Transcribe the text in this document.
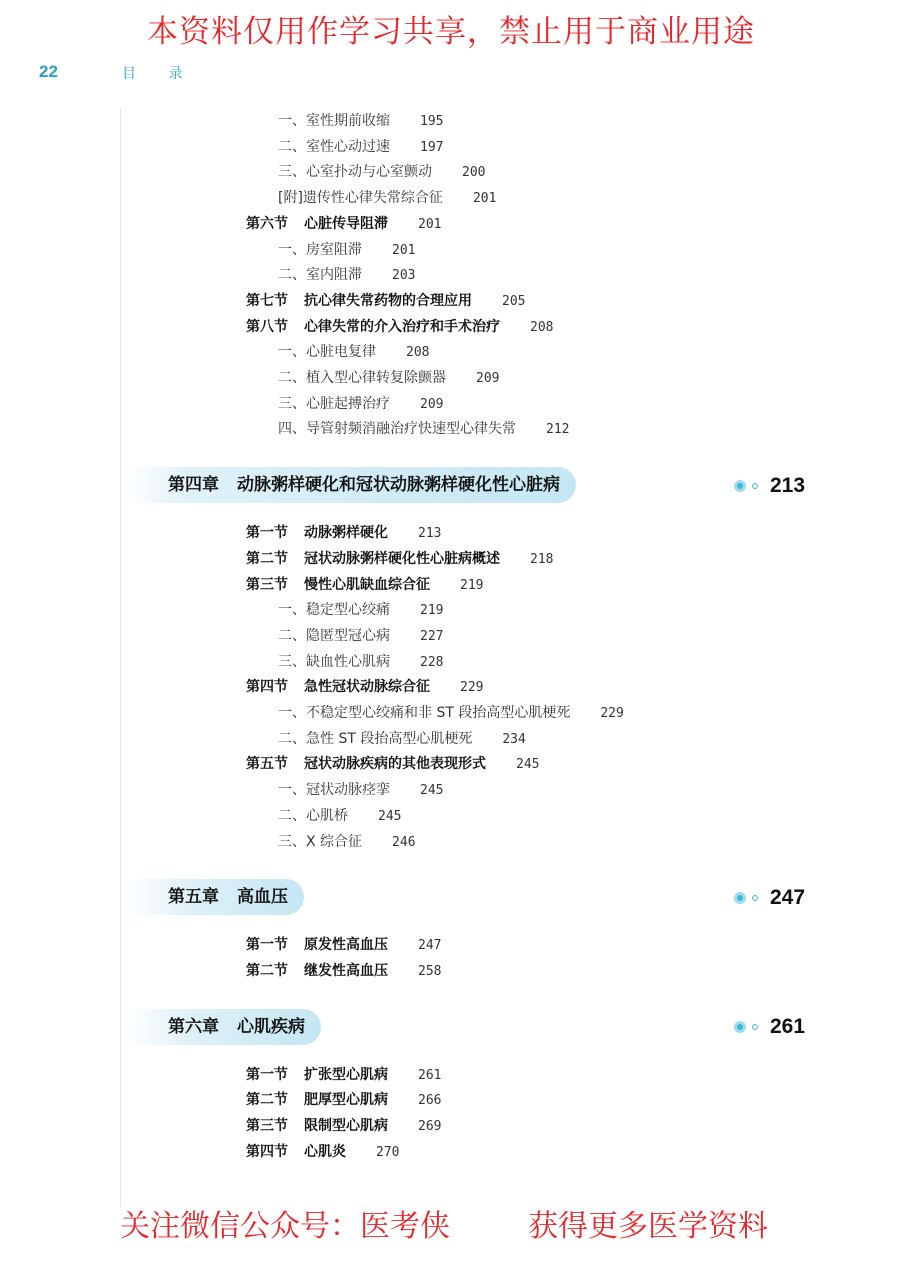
本资料仅用作学习共享，禁止用于商业用途
22	目 录
一、室性期前收缩 195
二、室性心动过速 197
三、心室扑动与心室颤动 200
[附]遗传性心律失常综合征 201
第六节 心脏传导阻滞 201
一、房室阻滞 201
二、室内阻滞 203
第七节 抗心律失常药物的合理应用 205
第八节 心律失常的介入治疗和手术治疗 208
一、心脏电复律 208
二、植入型心律转复除颤器 209
三、心脏起搏治疗 209
四、导管射频消融治疗快速型心律失常 212
第四章 动脉粥样硬化和冠状动脉粥样硬化性心脏病	213
第一节 动脉粥样硬化 213
第二节 冠状动脉粥样硬化性心脏病概述 218
第三节 慢性心肌缺血综合征 219
一、稳定型心绞痛 219
二、隐匿型冠心病 227
三、缺血性心肌病 228
第四节 急性冠状动脉综合征 229
一、不稳定型心绞痛和非 ST 段抬高型心肌梗死 229
二、急性 ST 段抬高型心肌梗死 234
第五节 冠状动脉疾病的其他表现形式 245
一、冠状动脉痉挛 245
二、心肌桥 245
三、X 综合征 246
第五章 高血压	247
第一节 原发性高血压 247
第二节 继发性高血压 258
第六章 心肌疾病	261
第一节 扩张型心肌病 261
第二节 肥厚型心肌病 266
第三节 限制型心肌病 269
第四节 心肌炎 270
关注微信公众号：医考侠	获得更多医学资料
